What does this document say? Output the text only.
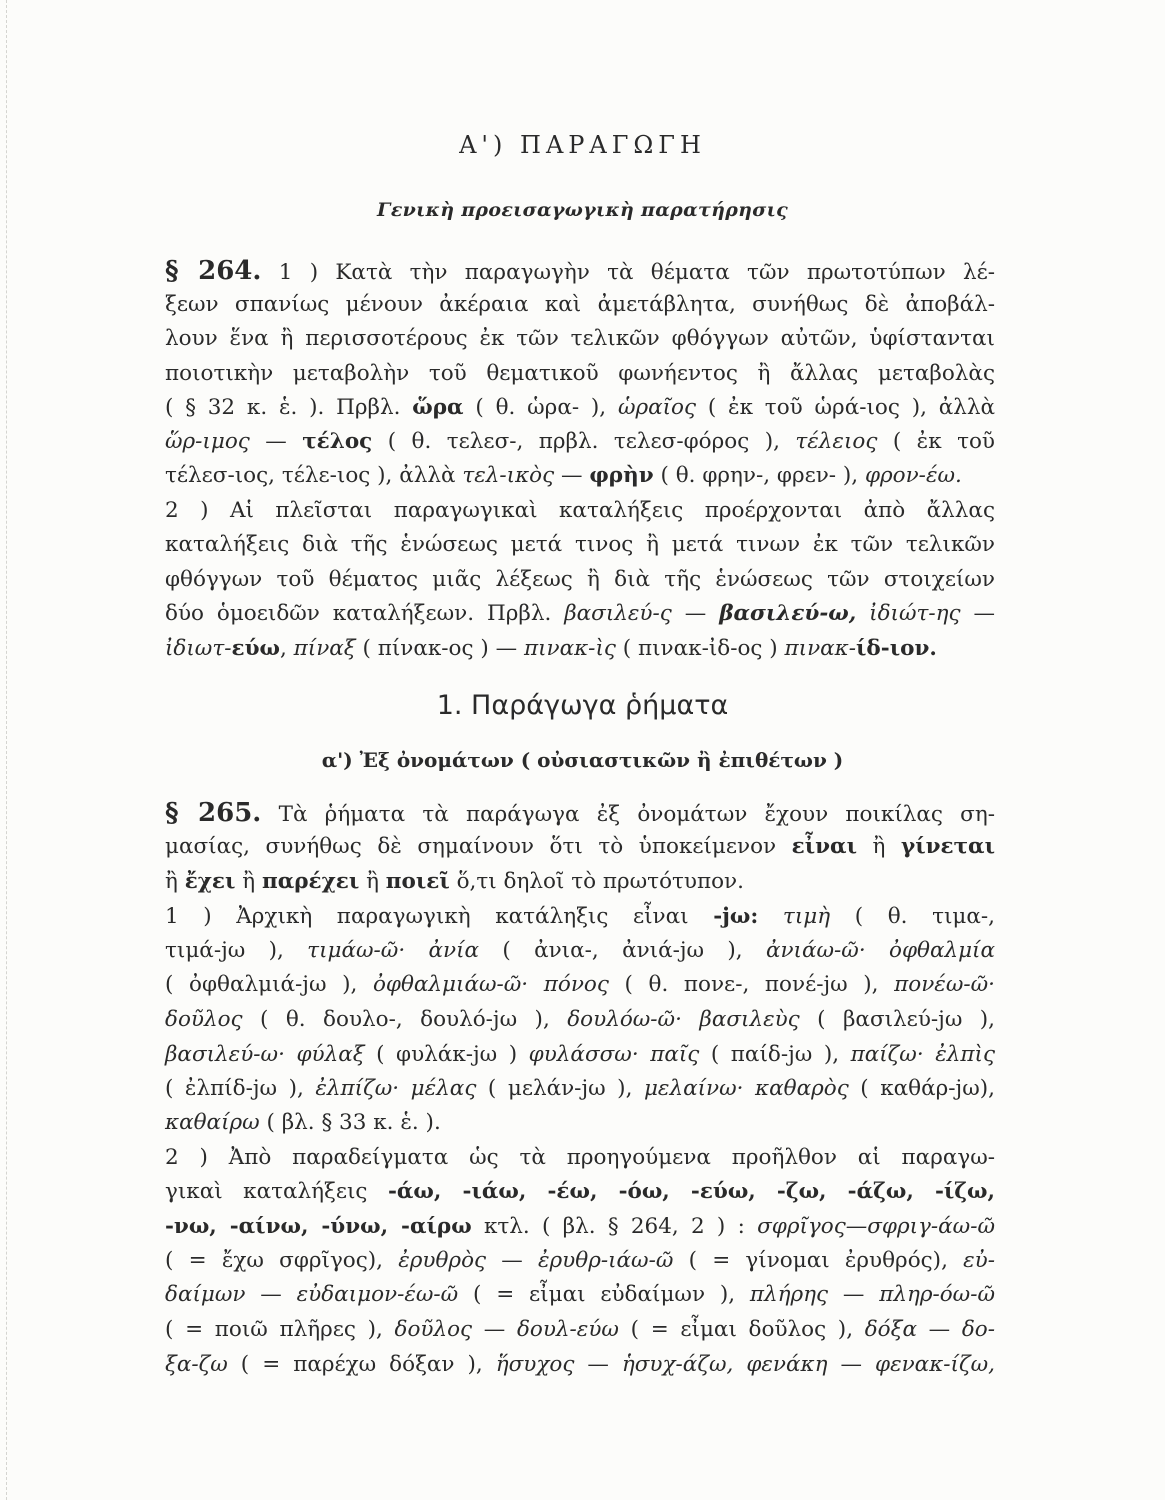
Α') ΠΑΡΑΓΩΓΗ
Γενικὴ προεισαγωγικὴ παρατήρησις
§ 264. 1 ) Κατὰ τὴν παραγωγὴν τὰ θέματα τῶν πρωτοτύπων λέ-
ξεων σπανίως μένουν ἀκέραια καὶ ἀμετάβλητα, συνήθως δὲ ἀποβάλ-
λουν ἕνα ἢ περισσοτέρους ἐκ τῶν τελικῶν φθόγγων αὐτῶν, ὑφίστανται
ποιοτικὴν μεταβολὴν τοῦ θεματικοῦ φωνήεντος ἢ ἄλλας μεταβολὰς
( § 32 κ. ἑ. ). Πρβλ. ὥρα ( θ. ὡρα- ), ὡραῖος ( ἐκ τοῦ ὡρά-ιος ), ἀλλὰ
ὥρ-ιμος — τέλος ( θ. τελεσ-, πρβλ. τελεσ-φόρος ), τέλειος ( ἐκ τοῦ
τέλεσ-ιος, τέλε-ιος ), ἀλλὰ τελ-ικὸς — φρὴν ( θ. φρην-, φρεν- ), φρον-έω.
2 ) Αἱ πλεῖσται παραγωγικαὶ καταλήξεις προέρχονται ἀπὸ ἄλλας
καταλήξεις διὰ τῆς ἑνώσεως μετά τινος ἢ μετά τινων ἐκ τῶν τελικῶν
φθόγγων τοῦ θέματος μιᾶς λέξεως ἢ διὰ τῆς ἑνώσεως τῶν στοιχείων
δύο ὁμοειδῶν καταλήξεων. Πρβλ. βασιλεύ-ς — βασιλεύ-ω, ἰδιώτ-ης —
ἰδιωτ-εύω, πίναξ ( πίνακ-ος ) — πινακ-ὶς ( πινακ-ἰδ-ος ) πινακ-ίδ-ιον.
1. Παράγωγα ῥήματα
α') Ἐξ ὀνομάτων ( οὐσιαστικῶν ἢ ἐπιθέτων )
§ 265. Τὰ ῥήματα τὰ παράγωγα ἐξ ὀνομάτων ἔχουν ποικίλας ση-
μασίας, συνήθως δὲ σημαίνουν ὅτι τὸ ὑποκείμενον εἶναι ἢ γίνεται
ἢ ἔχει ἢ παρέχει ἢ ποιεῖ ὅ,τι δηλοῖ τὸ πρωτότυπον.
1 ) Ἀρχικὴ παραγωγικὴ κατάληξις εἶναι -jω: τιμὴ ( θ. τιμα-,
τιμά-jω ), τιμάω-ῶ· ἀνία ( ἀνια-, ἀνιά-jω ), ἀνιάω-ῶ· ὀφθαλμία
( ὀφθαλμιά-jω ), ὀφθαλμιάω-ῶ· πόνος ( θ. πονε-, πονέ-jω ), πονέω-ῶ·
δοῦλος ( θ. δουλο-, δουλό-jω ), δουλόω-ῶ· βασιλεὺς ( βασιλεύ-jω ),
βασιλεύ-ω· φύλαξ ( φυλάκ-jω ) φυλάσσω· παῖς ( παίδ-jω ), παίζω· ἐλπὶς
( ἐλπίδ-jω ), ἐλπίζω· μέλας ( μελάν-jω ), μελαίνω· καθαρὸς ( καθάρ-jω),
καθαίρω ( βλ. § 33 κ. ἑ. ).
2 ) Ἀπὸ παραδείγματα ὡς τὰ προηγούμενα προῆλθον αἱ παραγω-
γικαὶ καταλήξεις -άω, -ιάω, -έω, -όω, -εύω, -ζω, -άζω, -ίζω,
-νω, -αίνω, -ύνω, -αίρω κτλ. ( βλ. § 264, 2 ) : σφρῖγος—σφριγ-άω-ῶ
( = ἔχω σφρῖγος), ἐρυθρὸς — ἐρυθρ-ιάω-ῶ ( = γίνομαι ἐρυθρός), εὐ-
δαίμων — εὐδαιμον-έω-ῶ ( = εἶμαι εὐδαίμων ), πλήρης — πληρ-όω-ῶ
( = ποιῶ πλῆρες ), δοῦλος — δουλ-εύω ( = εἶμαι δοῦλος ), δόξα — δο-
ξα-ζω ( = παρέχω δόξαν ), ἥσυχος — ἡσυχ-άζω, φενάκη — φενακ-ίζω,
